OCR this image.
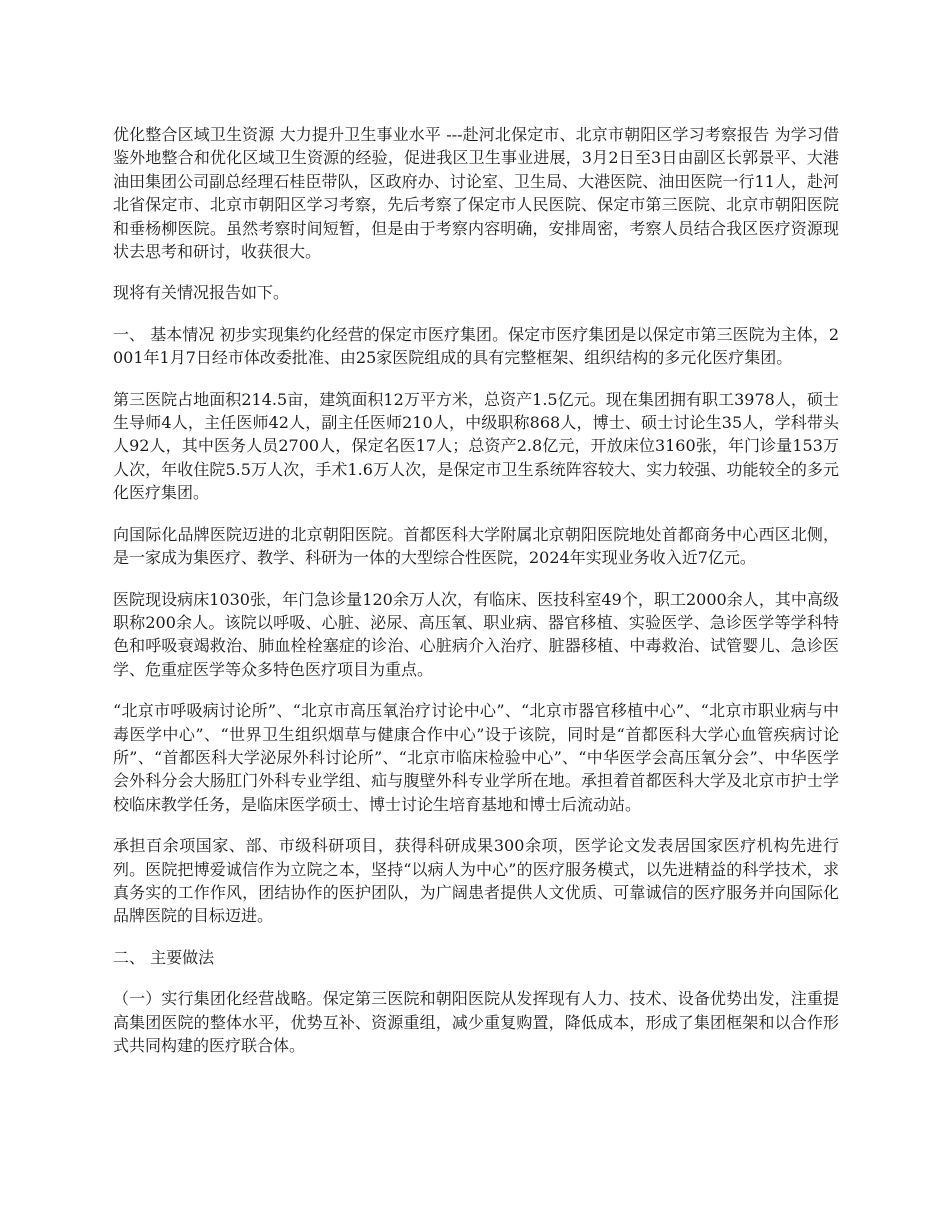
优化整合区域卫生资源 大力提升卫生事业水平 ---赴河北保定市、北京市朝阳区学习考察报告 为学习借鉴外地整合和优化区域卫生资源的经验，促进我区卫生事业进展，3月2日至3日由副区长郭景平、大港油田集团公司副总经理石桂臣带队，区政府办、讨论室、卫生局、大港医院、油田医院一行11人，赴河北省保定市、北京市朝阳区学习考察，先后考察了保定市人民医院、保定市第三医院、北京市朝阳医院和垂杨柳医院。虽然考察时间短暂，但是由于考察内容明确，安排周密，考察人员结合我区医疗资源现状去思考和研讨，收获很大。

现将有关情况报告如下。

一、 基本情况 初步实现集约化经营的保定市医疗集团。保定市医疗集团是以保定市第三医院为主体，2001年1月7日经市体改委批准、由25家医院组成的具有完整框架、组织结构的多元化医疗集团。

第三医院占地面积214.5亩，建筑面积12万平方米，总资产1.5亿元。现在集团拥有职工3978人，硕士生导师4人，主任医师42人，副主任医师210人，中级职称868人，博士、硕士讨论生35人，学科带头人92人，其中医务人员2700人，保定名医17人；总资产2.8亿元，开放床位3160张，年门诊量153万人次，年收住院5.5万人次，手术1.6万人次，是保定市卫生系统阵容较大、实力较强、功能较全的多元化医疗集团。

向国际化品牌医院迈进的北京朝阳医院。首都医科大学附属北京朝阳医院地处首都商务中心西区北侧，是一家成为集医疗、教学、科研为一体的大型综合性医院，2024年实现业务收入近7亿元。

医院现设病床1030张，年门急诊量120余万人次，有临床、医技科室49个，职工2000余人，其中高级职称200余人。该院以呼吸、心脏、泌尿、高压氧、职业病、器官移植、实验医学、急诊医学等学科特色和呼吸衰竭救治、肺血栓栓塞症的诊治、心脏病介入治疗、脏器移植、中毒救治、试管婴儿、急诊医学、危重症医学等众多特色医疗项目为重点。

“北京市呼吸病讨论所”、“北京市高压氧治疗讨论中心”、“北京市器官移植中心”、“北京市职业病与中毒医学中心”、“世界卫生组织烟草与健康合作中心”设于该院，同时是“首都医科大学心血管疾病讨论所”、“首都医科大学泌尿外科讨论所”、“北京市临床检验中心”、“中华医学会高压氧分会”、中华医学会外科分会大肠肛门外科专业学组、疝与腹壁外科专业学所在地。承担着首都医科大学及北京市护士学校临床教学任务，是临床医学硕士、博士讨论生培育基地和博士后流动站。

承担百余项国家、部、市级科研项目，获得科研成果300余项，医学论文发表居国家医疗机构先进行列。医院把博爱诚信作为立院之本，坚持“以病人为中心”的医疗服务模式，以先进精益的科学技术，求真务实的工作作风，团结协作的医护团队，为广阔患者提供人文优质、可靠诚信的医疗服务并向国际化品牌医院的目标迈进。

二、 主要做法

（一）实行集团化经营战略。保定第三医院和朝阳医院从发挥现有人力、技术、设备优势出发，注重提高集团医院的整体水平，优势互补、资源重组，减少重复购置，降低成本，形成了集团框架和以合作形式共同构建的医疗联合体。
